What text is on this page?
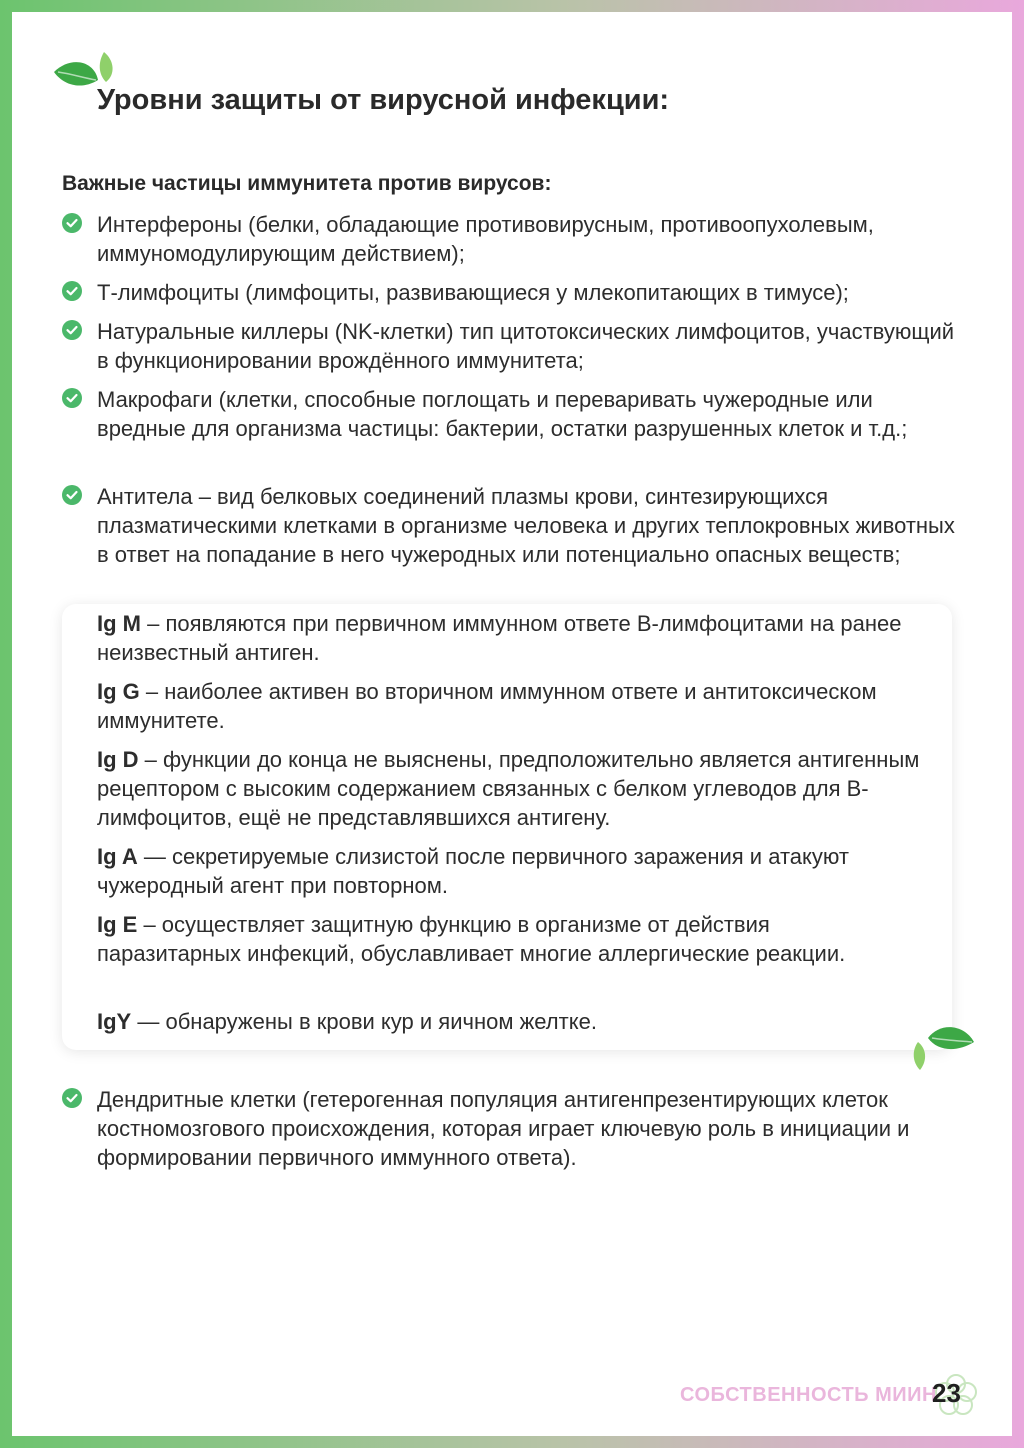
Уровни защиты от вирусной инфекции:
Важные частицы иммунитета против вирусов:

Интерфероны (белки, обладающие противовирусным, противоопухолевым, иммуномодулирующим действием);

Т-лимфоциты (лимфоциты, развивающиеся у млекопитающих в тимусе);

Натуральные киллеры (NK-клетки) тип цитотоксических лимфоцитов, участвующий в функционировании врождённого иммунитета;

Макрофаги (клетки, способные поглощать и переваривать чужеродные или вредные для организма частицы: бактерии, остатки разрушенных клеток и т.д.;

Антитела – вид белковых соединений плазмы крови, синтезирующихся плазматическими клетками в организме человека и других теплокровных животных в ответ на попадание в него чужеродных или потенциально опасных веществ;

Ig M – появляются при первичном иммунном ответе В-лимфоцитами на ранее неизвестный антиген.

Ig G – наиболее активен во вторичном иммунном ответе и антитоксическом иммунитете.

Ig D – функции до конца не выяснены, предположительно является антигенным рецептором с высоким содержанием связанных с белком углеводов для В-лимфоцитов, ещё не представлявшихся антигену.

Ig A — секретируемые слизистой после первичного заражения и атакуют чужеродный агент при повторном.

Ig E – осуществляет защитную функцию в организме от действия паразитарных инфекций, обуславливает многие аллергические реакции.

IgY — обнаружены в крови кур и яичном желтке.

Дендритные клетки (гетерогенная популяция антигенпрезентирующих клеток костномозгового происхождения, которая играет ключевую роль в инициации и формировании первичного иммунного ответа).

СОБСТВЕННОСТЬ МИИН
23
